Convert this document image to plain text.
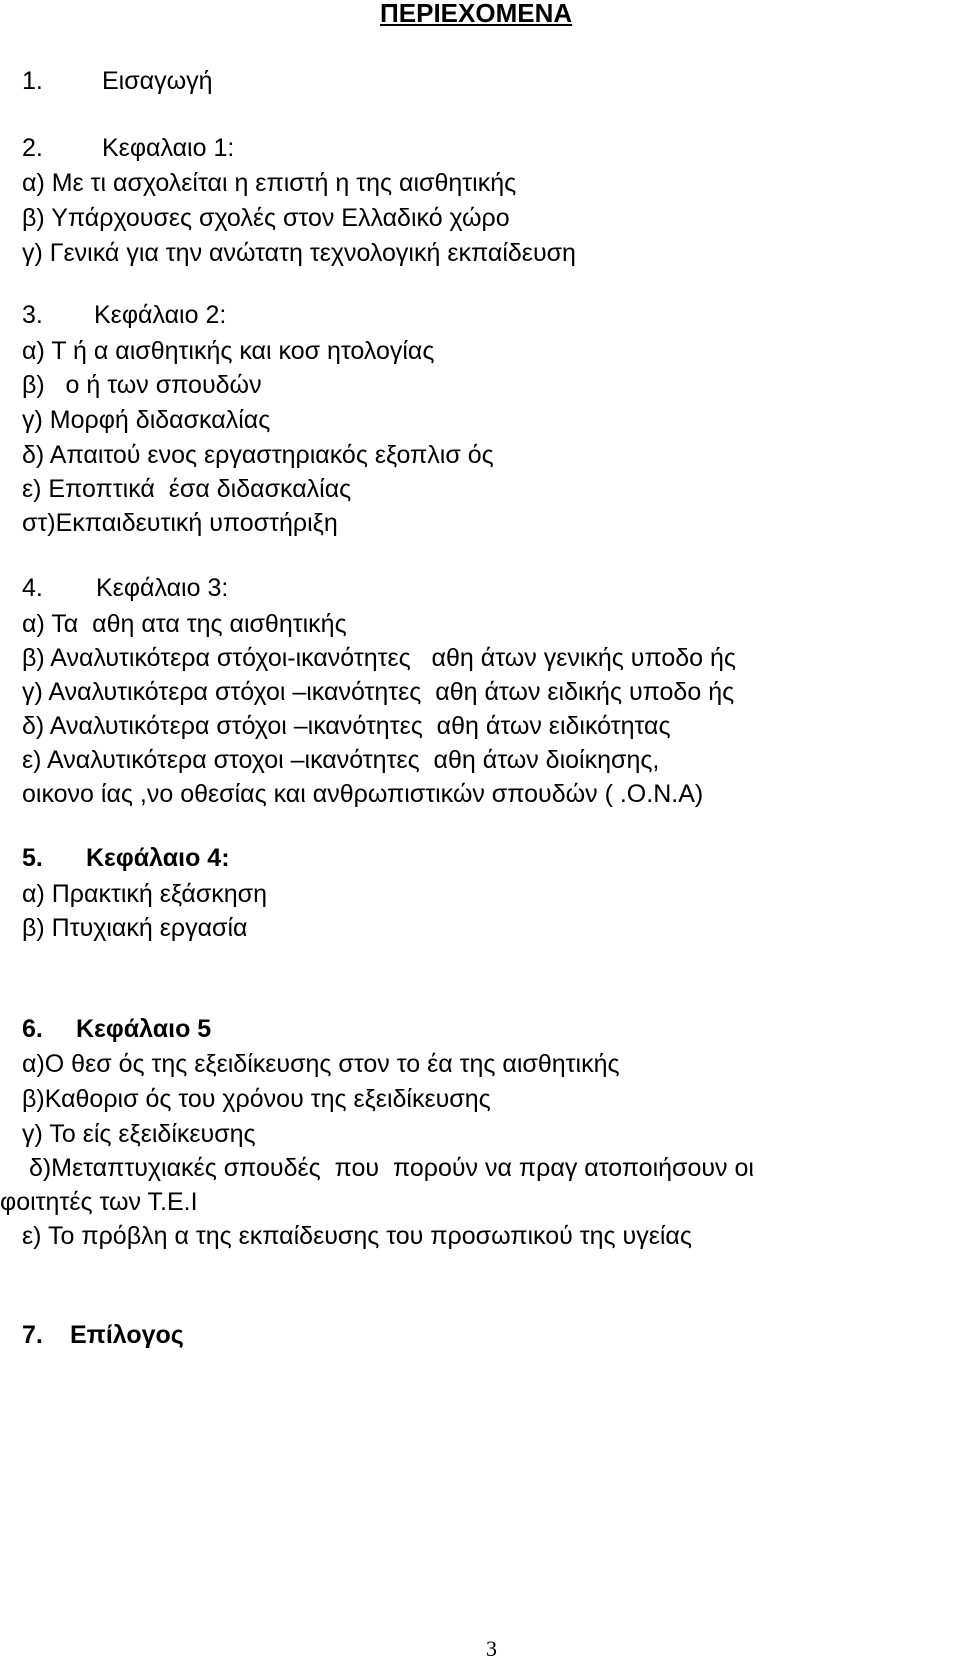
ΠΕΡΙΕΧΟΜΕΝΑ
1. Εισαγωγή
2. Κεφαλαιο 1:
α) Με τι ασχολείται η επιστή η της αισθητικής
β) Υπάρχουσες σχολές στον Ελλαδικό χώρο
γ) Γενικά για την ανώτατη τεχνολογική εκπαίδευση
3. Κεφάλαιο 2:
α) Τ ή α αισθητικής και κοσ ητολογίας
β)   ο ή των σπουδών
γ) Μορφή διδασκαλίας
δ) Απαιτού ενος εργαστηριακός εξοπλισ ός
ε) Εποπτικά  έσα διδασκαλίας
στ)Εκπαιδευτική υποστήριξη
4. Κεφάλαιο 3:
α) Τα  αθη ατα της αισθητικής
β) Αναλυτικότερα στόχοι-ικανότητες   αθη άτων γενικής υποδο ής
γ) Αναλυτικότερα στόχοι –ικανότητες  αθη άτων ειδικής υποδο ής
δ) Αναλυτικότερα στόχοι –ικανότητες  αθη άτων ειδικότητας
ε) Αναλυτικότερα στοχοι –ικανότητες  αθη άτων διοίκησης,
οικονο ίας ,νο οθεσίας και ανθρωπιστικών σπουδών ( .Ο.Ν.Α)
5. Κεφάλαιο 4:
α) Πρακτική εξάσκηση
β) Πτυχιακή εργασία
6. Κεφάλαιο 5
α)Ο θεσ ός της εξειδίκευσης στον το έα της αισθητικής
β)Καθορισ ός του χρόνου της εξειδίκευσης
γ) Το είς εξειδίκευσης
δ)Μεταπτυχιακές σπουδές  που  πορούν να πραγ ατοποιήσουν οι
φοιτητές των Τ.Ε.Ι
ε) Το πρόβλη α της εκπαίδευσης του προσωπικού της υγείας
7. Επίλογος
3
